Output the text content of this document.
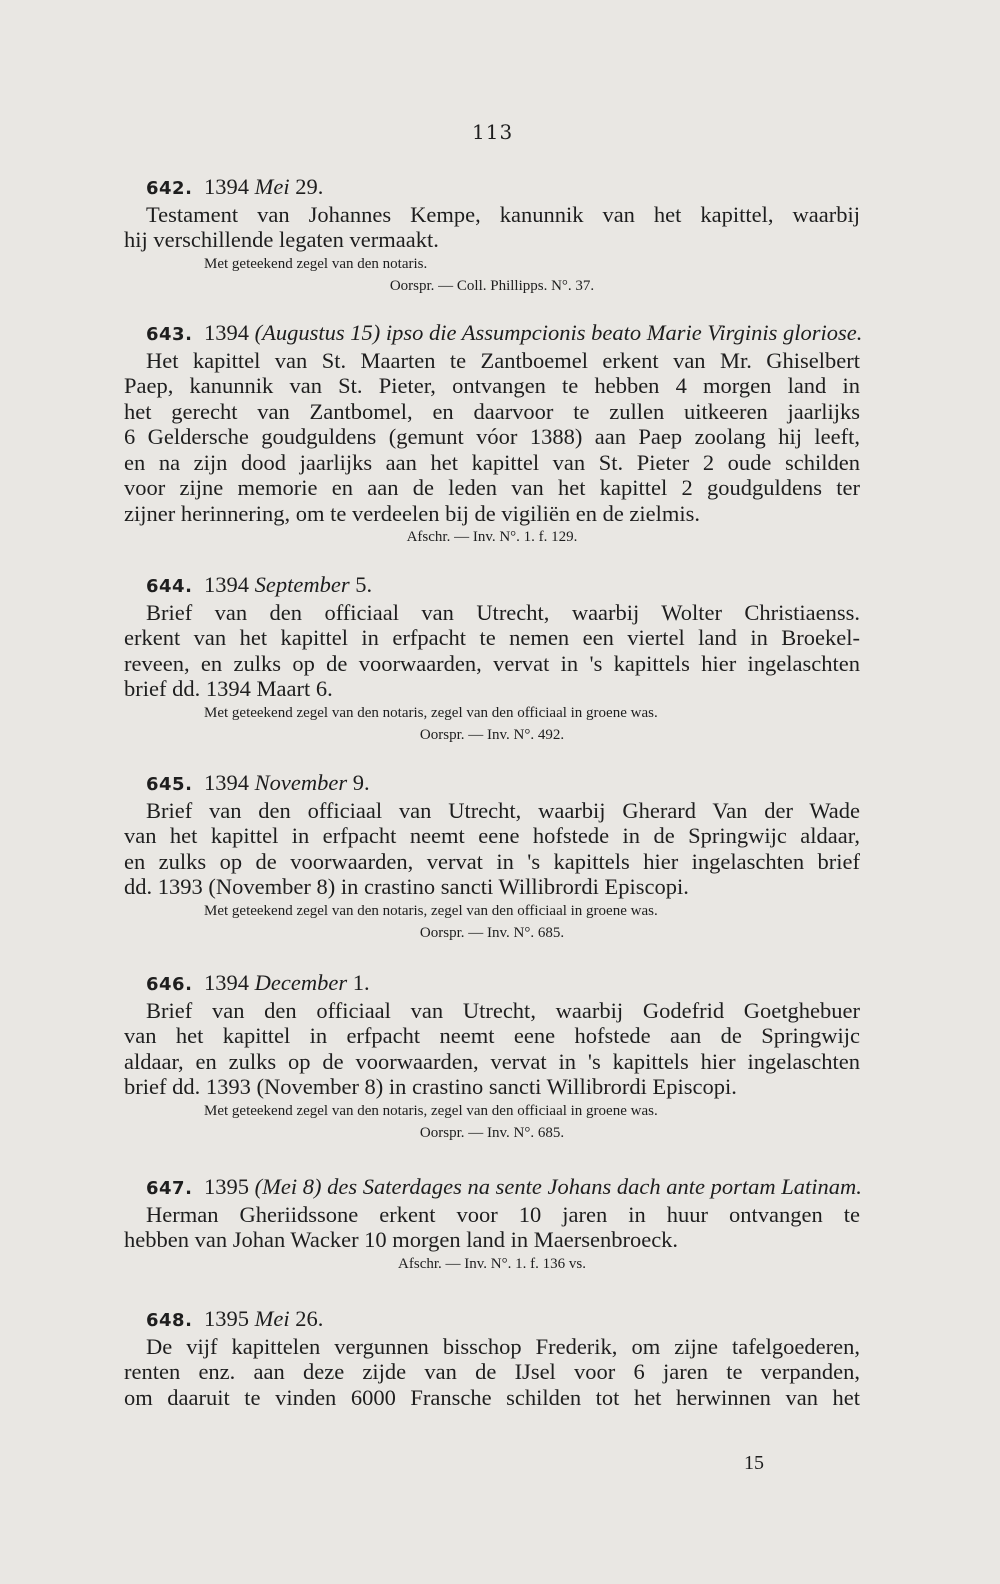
113
642. 1394 Mei 29.
Testament van Johannes Kempe, kanunnik van het kapittel, waarbij
hij verschillende legaten vermaakt.
Met geteekend zegel van den notaris.
Oorspr. — Coll. Phillipps. N°. 37.
643. 1394 (Augustus 15) ipso die Assumpcionis beato Marie Virginis gloriose.
Het kapittel van St. Maarten te Zantboemel erkent van Mr. Ghiselbert
Paep, kanunnik van St. Pieter, ontvangen te hebben 4 morgen land in
het gerecht van Zantbomel, en daarvoor te zullen uitkeeren jaarlijks
6 Geldersche goudguldens (gemunt vóor 1388) aan Paep zoolang hij leeft,
en na zijn dood jaarlijks aan het kapittel van St. Pieter 2 oude schilden
voor zijne memorie en aan de leden van het kapittel 2 goudguldens ter
zijner herinnering, om te verdeelen bij de vigiliën en de zielmis.
Afschr. — Inv. N°. 1. f. 129.
644. 1394 September 5.
Brief van den officiaal van Utrecht, waarbij Wolter Christiaenss.
erkent van het kapittel in erfpacht te nemen een viertel land in Broekel-
reveen, en zulks op de voorwaarden, vervat in 's kapittels hier ingelaschten
brief dd. 1394 Maart 6.
Met geteekend zegel van den notaris, zegel van den officiaal in groene was.
Oorspr. — Inv. N°. 492.
645. 1394 November 9.
Brief van den officiaal van Utrecht, waarbij Gherard Van der Wade
van het kapittel in erfpacht neemt eene hofstede in de Springwijc aldaar,
en zulks op de voorwaarden, vervat in 's kapittels hier ingelaschten brief
dd. 1393 (November 8) in crastino sancti Willibrordi Episcopi.
Met geteekend zegel van den notaris, zegel van den officiaal in groene was.
Oorspr. — Inv. N°. 685.
646. 1394 December 1.
Brief van den officiaal van Utrecht, waarbij Godefrid Goetghebuer
van het kapittel in erfpacht neemt eene hofstede aan de Springwijc
aldaar, en zulks op de voorwaarden, vervat in 's kapittels hier ingelaschten
brief dd. 1393 (November 8) in crastino sancti Willibrordi Episcopi.
Met geteekend zegel van den notaris, zegel van den officiaal in groene was.
Oorspr. — Inv. N°. 685.
647. 1395 (Mei 8) des Saterdages na sente Johans dach ante portam Latinam.
Herman Gheriidssone erkent voor 10 jaren in huur ontvangen te
hebben van Johan Wacker 10 morgen land in Maersenbroeck.
Afschr. — Inv. N°. 1. f. 136 vs.
648. 1395 Mei 26.
De vijf kapittelen vergunnen bisschop Frederik, om zijne tafelgoederen,
renten enz. aan deze zijde van de IJsel voor 6 jaren te verpanden,
om daaruit te vinden 6000 Fransche schilden tot het herwinnen van het
15
